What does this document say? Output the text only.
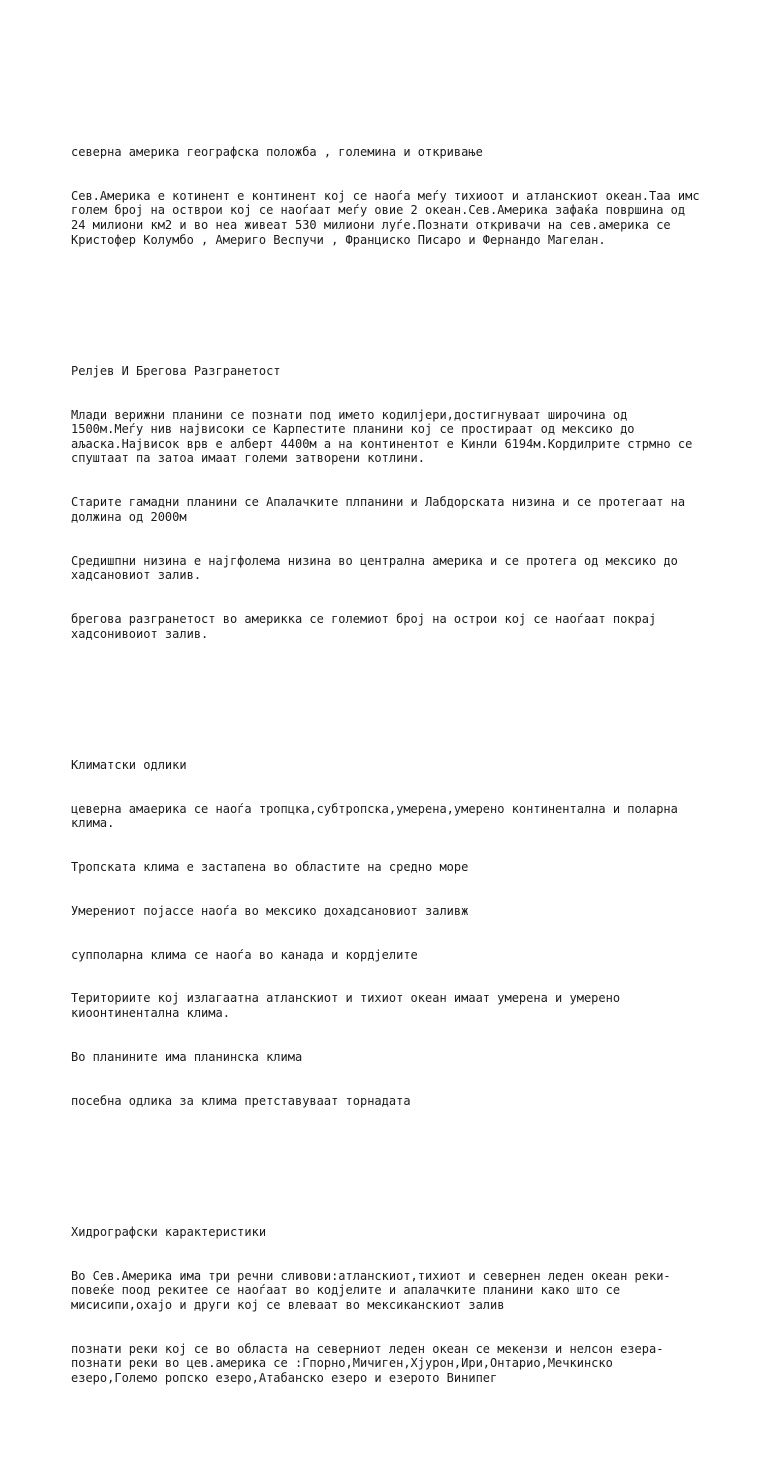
северна америка географска положба , големина и откривање

Сев.Америка е котинент е континент кој се наоѓа меѓу тихиоот и атланскиот океан.Таа имс голем број на остврои кој се наоѓаат меѓу овие 2 океан.Сев.Америка зафаќа површина од 24 милиони км2 и во неа живеат 530 милиони луѓе.Познати откривачи на сев.америка се Кристофер Колумбо , Америго Веспучи , Франциско Писаро и Фернандо Магелан.

Релјев И Брегова Разгранетост

Млади верижни планини се познати под името кодилјери,достигнуваат широчина од 1500м.Меѓу нив највисоки се Карпестите планини кој се простираат од мексико до аљаска.Највисок врв е алберт 4400м а на континентот е Кинли 6194м.Кордилрите стрмно се спуштаат па затоа имаат големи затворени котлини.

Старите гамадни планини се Апалачките плпанини и Лабдорската низина и се протегаат на должина од 2000м

Средишпни низина е најгфолема низина во централна америка и се протега од мексико до хадсановиот залив.

брегова разгранетост во америкка се големиот број на острои кој се наоѓаат покрај хадсонивоиот залив.

Климатски одлики

цеверна амаерика се наоѓа тропцка,субтропска,умерена,умерено континентална и поларна клима.

Тропската клима е застапена во областите на средно море

Умерениот појассе наоѓа во мексико дохадсановиот заливж

супполарна клима се наоѓа во канада и кордјелите

Териториите кој излагаатна атланскиот и тихиот океан имаат умерена и умерено киоонтинентална клима.

Во планините има планинска клима

посебна одлика за клима претставуваат торнадата

Хидрографски карактеристики

Во Сев.Америка има три речни сливови:атланскиот,тихиот и севернен леден океан реки-повеќе поод рекитее се наоѓаат во кодјелите и апалачките планини како што се мисисипи,охајо и други кој се влеваат во мексиканскиот залив

познати реки кој се во областа на северниот леден океан се мекензи и нелсон езера-познати реки во цев.америка се :Гпорно,Мичиген,Хјурон,Ири,Онтарио,Мечкинско езеро,Големо ропско езеро,Атабанско езеро и езерото Винипег
